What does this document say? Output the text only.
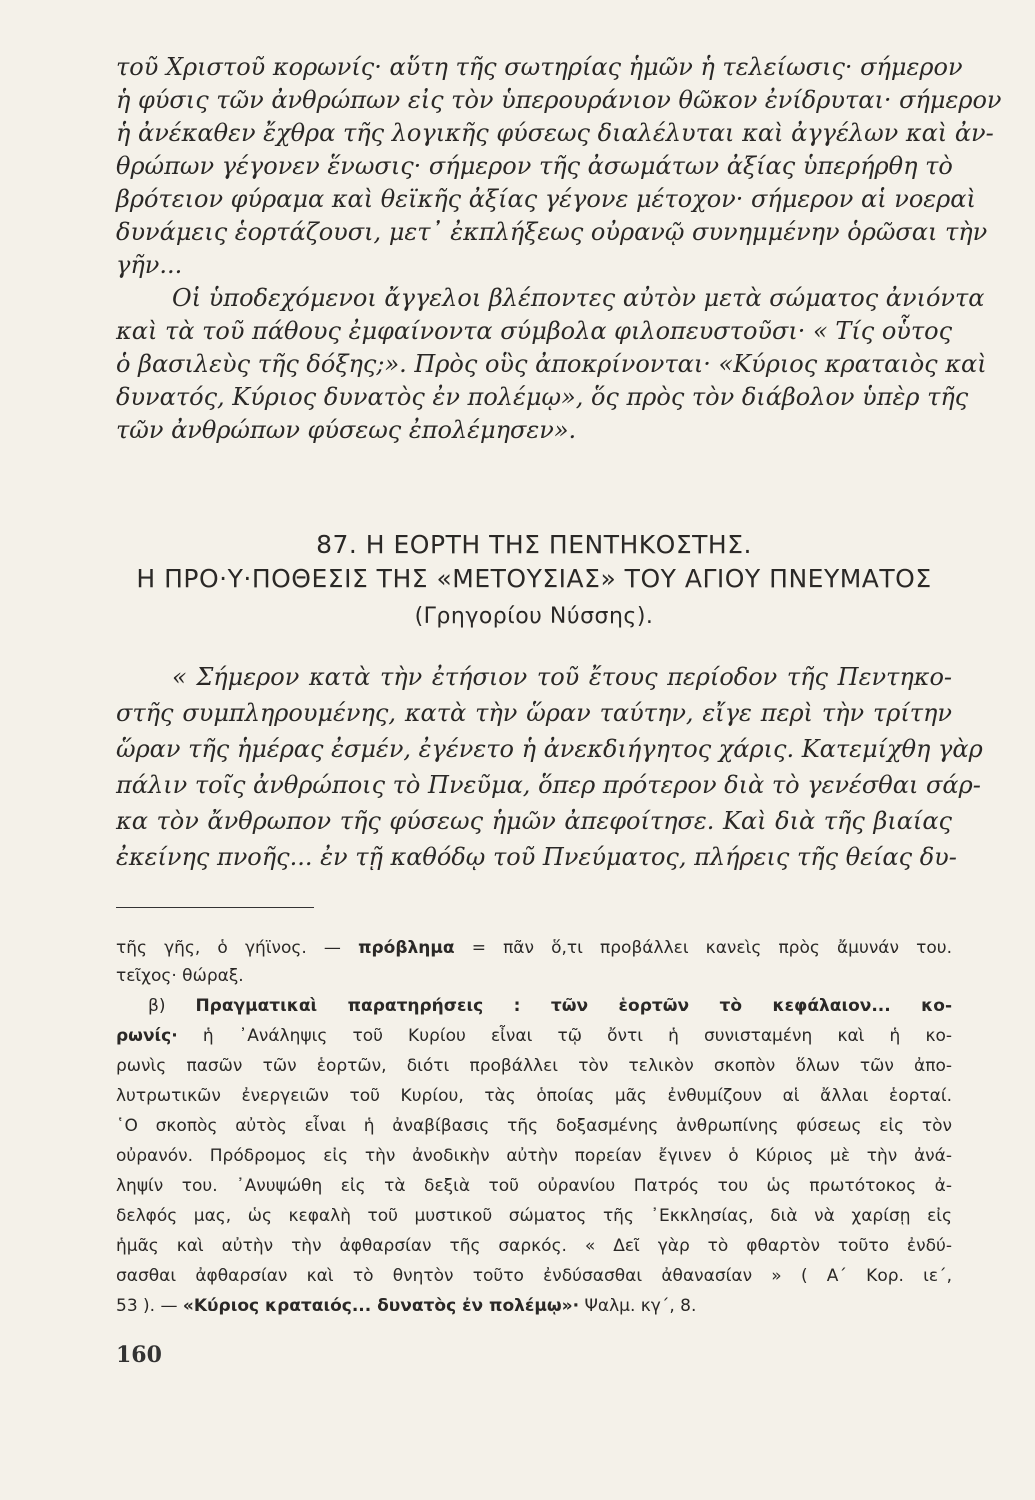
τοῦ Χριστοῦ κορωνίς· αὕτη τῆς σωτηρίας ἡμῶν ἡ τελείωσις· σήμερον
ἡ φύσις τῶν ἀνθρώπων εἰς τὸν ὑπερουράνιον θῶκον ἐνίδρυται· σήμερον
ἡ ἀνέκαθεν ἔχθρα τῆς λογικῆς φύσεως διαλέλυται καὶ ἀγγέλων καὶ ἀν-
θρώπων γέγονεν ἕνωσις· σήμερον τῆς ἀσωμάτων ἀξίας ὑπερήρθη τὸ
βρότειον φύραμα καὶ θεϊκῆς ἀξίας γέγονε μέτοχον· σήμερον αἱ νοεραὶ
δυνάμεις ἑορτάζουσι, μετ᾽ ἐκπλήξεως οὐρανῷ συνημμένην ὁρῶσαι τὴν
γῆν...
Οἱ ὑποδεχόμενοι ἄγγελοι βλέποντες αὐτὸν μετὰ σώματος ἀνιόντα
καὶ τὰ τοῦ πάθους ἐμφαίνοντα σύμβολα φιλοπευστοῦσι· « Τίς οὗτος
ὁ βασιλεὺς τῆς δόξης;». Πρὸς οὓς ἀποκρίνονται· «Κύριος κραταιὸς καὶ
δυνατός, Κύριος δυνατὸς ἐν πολέμῳ», ὅς πρὸς τὸν διάβολον ὑπὲρ τῆς
τῶν ἀνθρώπων φύσεως ἐπολέμησεν».
87. Η ΕΟΡΤΗ ΤΗΣ ΠΕΝΤΗΚΟΣΤΗΣ.
Η ΠΡΟ·Υ·ΠΟΘΕΣΙΣ ΤΗΣ «ΜΕΤΟΥΣΙΑΣ» ΤΟΥ ΑΓΙΟΥ ΠΝΕΥΜΑΤΟΣ
(Γρηγορίου Νύσσης).
« Σήμερον κατὰ τὴν ἐτήσιον τοῦ ἔτους περίοδον τῆς Πεντηκο-
στῆς συμπληρουμένης, κατὰ τὴν ὥραν ταύτην, εἴγε περὶ τὴν τρίτην
ὥραν τῆς ἡμέρας ἐσμέν, ἐγένετο ἡ ἀνεκδιήγητος χάρις. Κατεμίχθη γὰρ
πάλιν τοῖς ἀνθρώποις τὸ Πνεῦμα, ὅπερ πρότερον διὰ τὸ γενέσθαι σάρ-
κα τὸν ἄνθρωπον τῆς φύσεως ἡμῶν ἀπεφοίτησε. Καὶ διὰ τῆς βιαίας
ἐκείνης πνοῆς... ἐν τῇ καθόδῳ τοῦ Πνεύματος, πλήρεις τῆς θείας δυ-
τῆς γῆς, ὁ γήϊνος. — πρόβλημα = πᾶν ὅ,τι προβάλλει κανεὶς πρὸς ἄμυνάν του.
τεῖχος· θώραξ.
β) Πραγματικαὶ παρατηρήσεις : τῶν ἑορτῶν τὸ κεφάλαιον... κο-
ρωνίς· ἡ ᾽Ανάληψις τοῦ Κυρίου εἶναι τῷ ὄντι ἡ συνισταμένη καὶ ἡ κο-
ρωνὶς πασῶν τῶν ἑορτῶν, διότι προβάλλει τὸν τελικὸν σκοπὸν ὅλων τῶν ἀπο-
λυτρωτικῶν ἐνεργειῶν τοῦ Κυρίου, τὰς ὁποίας μᾶς ἐνθυμίζουν αἱ ἄλλαι ἑορταί.
῾Ο σκοπὸς αὐτὸς εἶναι ἡ ἀναβίβασις τῆς δοξασμένης ἀνθρωπίνης φύσεως εἰς τὸν
οὐρανόν. Πρόδρομος εἰς τὴν ἀνοδικὴν αὐτὴν πορείαν ἔγινεν ὁ Κύριος μὲ τὴν ἀνά-
ληψίν του. ᾽Ανυψώθη εἰς τὰ δεξιὰ τοῦ οὐρανίου Πατρός του ὡς πρωτότοκος ἀ-
δελφός μας, ὡς κεφαλὴ τοῦ μυστικοῦ σώματος τῆς ᾽Εκκλησίας, διὰ νὰ χαρίσῃ εἰς
ἡμᾶς καὶ αὐτὴν τὴν ἀφθαρσίαν τῆς σαρκός. « Δεῖ γὰρ τὸ φθαρτὸν τοῦτο ἐνδύ-
σασθαι ἀφθαρσίαν καὶ τὸ θνητὸν τοῦτο ἐνδύσασθαι ἀθανασίαν » ( Α΄ Κορ. ιε΄,
53 ). — «Κύριος κραταιός... δυνατὸς ἐν πολέμῳ»· Ψαλμ. κγ΄, 8.
160
